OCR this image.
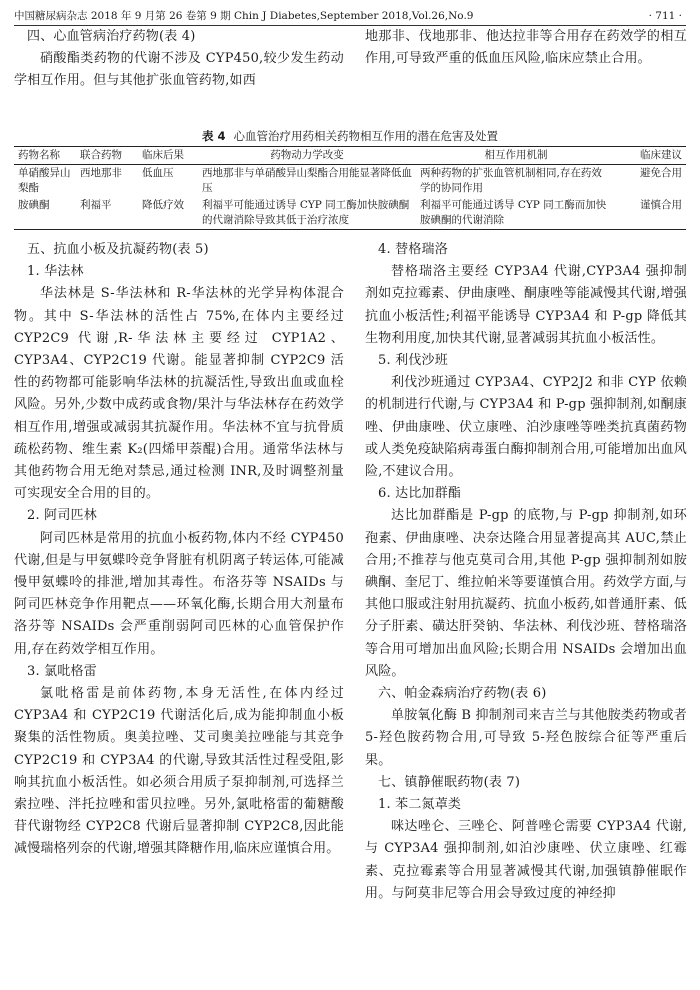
中国糖尿病杂志 2018 年 9 月第 26 卷第 9 期 Chin J Diabetes,September 2018,Vol.26,No.9	· 711 ·
四、心血管病治疗药物(表 4)

硝酸酯类药物的代谢不涉及 CYP450,较少发生药动学相互作用。但与其他扩张血管药物,如西

地那非、伐地那非、他达拉非等合用存在药效学的相互作用,可导致严重的低血压风险,临床应禁止合用。

表 4 心血管治疗用药相关药物相互作用的潜在危害及处置
药物名称	联合药物	临床后果	药物动力学改变	相互作用机制	临床建议
单硝酸异山梨酯	西地那非	低血压	西地那非与单硝酸异山梨酯合用能显著降低血压	两种药物的扩张血管机制相同,存在药效学的协同作用	避免合用
胺碘酮	利福平	降低疗效	利福平可能通过诱导 CYP 同工酶加快胺碘酮的代谢消除导致其低于治疗浓度	利福平可能通过诱导 CYP 同工酶而加快胺碘酮的代谢消除	谨慎合用
五、抗血小板及抗凝药物(表 5)
1. 华法林

华法林是 S-华法林和 R-华法林的光学异构体混合物。其中 S-华法林的活性占 75%,在体内主要经过 CYP2C9 代谢,R-华法林主要经过 CYP1A2、CYP3A4、CYP2C19 代谢。能显著抑制 CYP2C9 活性的药物都可能影响华法林的抗凝活性,导致出血或血栓风险。另外,少数中成药或食物/果汁与华法林存在药效学相互作用,增强或减弱其抗凝作用。华法林不宜与抗骨质疏松药物、维生素 K₂(四烯甲萘醌)合用。通常华法林与其他药物合用无绝对禁忌,通过检测 INR,及时调整剂量可实现安全合用的目的。

2. 阿司匹林

阿司匹林是常用的抗血小板药物,体内不经 CYP450 代谢,但是与甲氨蝶呤竞争肾脏有机阴离子转运体,可能减慢甲氨蝶呤的排泄,增加其毒性。布洛芬等 NSAIDs 与阿司匹林竞争作用靶点——环氧化酶,长期合用大剂量布洛芬等 NSAIDs 会严重削弱阿司匹林的心血管保护作用,存在药效学相互作用。

3. 氯吡格雷

氯吡格雷是前体药物,本身无活性,在体内经过 CYP3A4 和 CYP2C19 代谢活化后,成为能抑制血小板聚集的活性物质。奥美拉唑、艾司奥美拉唑能与其竞争 CYP2C19 和 CYP3A4 的代谢,导致其活性过程受阻,影响其抗血小板活性。如必须合用质子泵抑制剂,可选择兰索拉唑、泮托拉唑和雷贝拉唑。另外,氯吡格雷的葡糖酸苷代谢物经 CYP2C8 代谢后显著抑制 CYP2C8,因此能减慢瑞格列奈的代谢,增强其降糖作用,临床应谨慎合用。

4. 替格瑞洛

替格瑞洛主要经 CYP3A4 代谢,CYP3A4 强抑制剂如克拉霉素、伊曲康唑、酮康唑等能减慢其代谢,增强抗血小板活性;利福平能诱导 CYP3A4 和 P-gp 降低其生物利用度,加快其代谢,显著减弱其抗血小板活性。

5. 利伐沙班

利伐沙班通过 CYP3A4、CYP2J2 和非 CYP 依赖的机制进行代谢,与 CYP3A4 和 P-gp 强抑制剂,如酮康唑、伊曲康唑、伏立康唑、泊沙康唑等唑类抗真菌药物或人类免疫缺陷病毒蛋白酶抑制剂合用,可能增加出血风险,不建议合用。

6. 达比加群酯

达比加群酯是 P-gp 的底物,与 P-gp 抑制剂,如环孢素、伊曲康唑、决奈达隆合用显著提高其 AUC,禁止合用;不推荐与他克莫司合用,其他 P-gp 强抑制剂如胺碘酮、奎尼丁、维拉帕米等要谨慎合用。药效学方面,与其他口服或注射用抗凝药、抗血小板药,如普通肝素、低分子肝素、磺达肝癸钠、华法林、利伐沙班、替格瑞洛等合用可增加出血风险;长期合用 NSAIDs 会增加出血风险。

六、帕金森病治疗药物(表 6)

单胺氧化酶 B 抑制剂司来吉兰与其他胺类药物或者 5-羟色胺药物合用,可导致 5-羟色胺综合征等严重后果。

七、镇静催眠药物(表 7)
1. 苯二氮䓬类

咪达唑仑、三唑仑、阿普唑仑需要 CYP3A4 代谢,与 CYP3A4 强抑制剂,如泊沙康唑、伏立康唑、红霉素、克拉霉素等合用显著减慢其代谢,加强镇静催眠作用。与阿莫非尼等合用会导致过度的神经抑
